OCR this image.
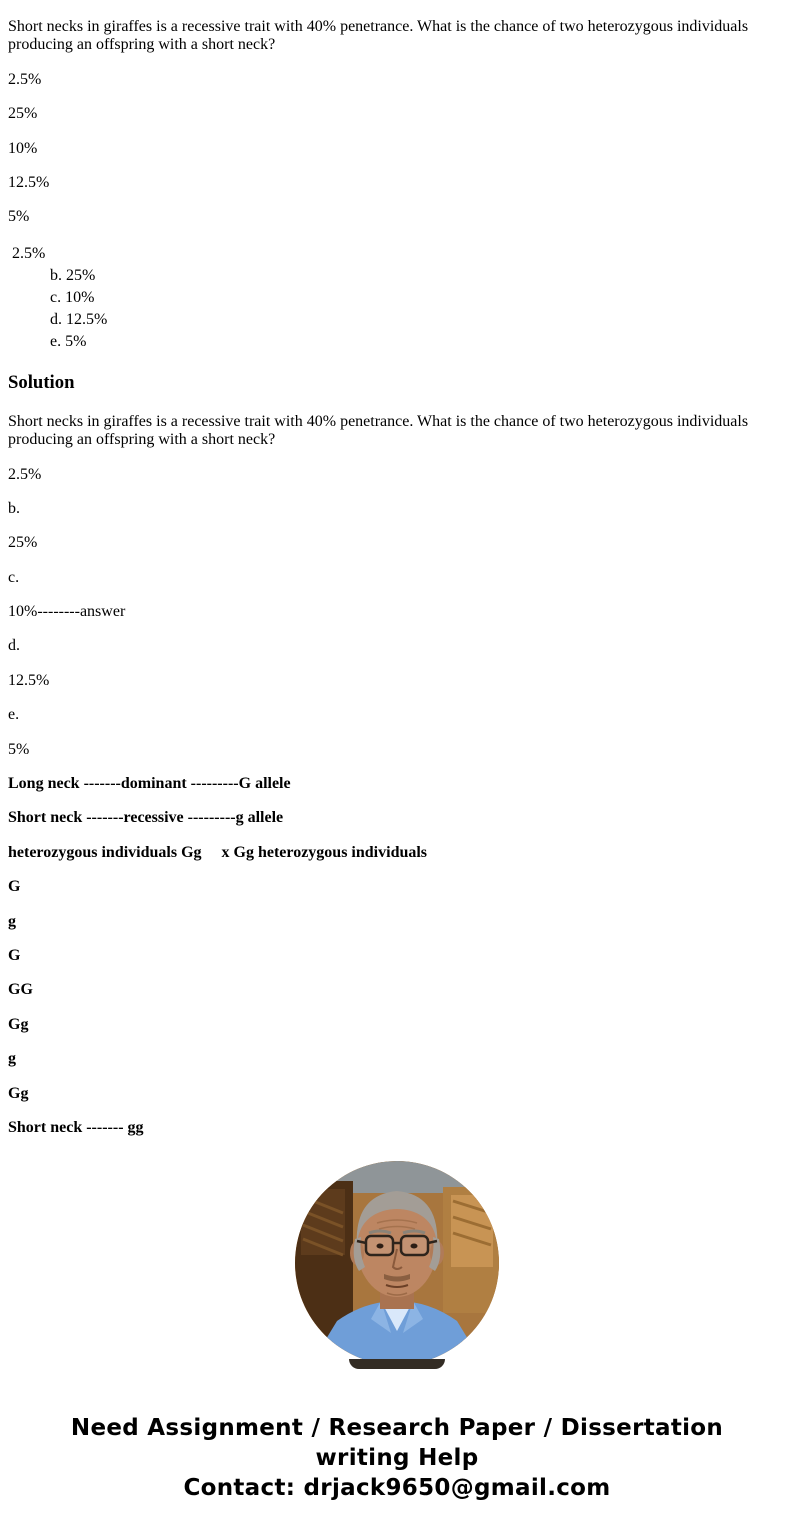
Short necks in giraffes is a recessive trait with 40% penetrance. What is the chance of two heterozygous individuals producing an offspring with a short neck?

2.5%

25%

10%

12.5%

5%

2.5%
b. 25%
c. 10%
d. 12.5%
e. 5%
Solution

Short necks in giraffes is a recessive trait with 40% penetrance. What is the chance of two heterozygous individuals producing an offspring with a short neck?

2.5%

b.

25%

c.

10%--------answer

d.

12.5%

e.

5%

Long neck -------dominant ---------G allele

Short neck -------recessive ---------g allele

heterozygous individuals Gg     x Gg heterozygous individuals

G

g

G

GG

Gg

g

Gg

Short neck ------- gg

Need Assignment / Research Paper / Dissertation
writing Help
Contact: drjack9650@gmail.com
